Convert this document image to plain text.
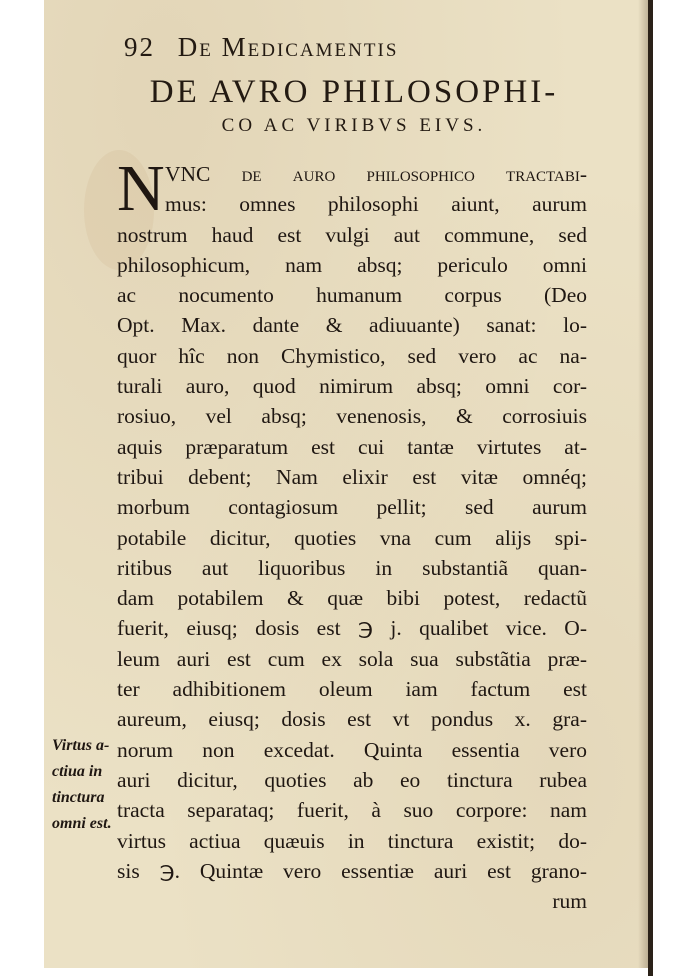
92 De Medicamentis
DE AVRO PHILOSOPHI-
CO AC VIRIBVS EIVS.
N VNC de auro philosophico tractabi-
mus: omnes philosophi aiunt, aurum
nostrum haud est vulgi aut commune, sed
philosophicum, nam absq; periculo omni
ac nocumento humanum corpus (Deo
Opt. Max. dante & adiuuante) sanat: lo-
quor hîc non Chymistico, sed vero ac na-
turali auro, quod nimirum absq; omni cor-
rosiuo, vel absq; venenosis, & corrosiuis
aquis præparatum est cui tantæ virtutes at-
tribui debent; Nam elixir est vitæ omnéq;
morbum contagiosum pellit; sed aurum
potabile dicitur, quoties vna cum alijs spi-
ritibus aut liquoribus in substantiã quan-
dam potabilem & quæ bibi potest, redactũ
fuerit, eiusq; dosis est ℈ j. qualibet vice. O-
leum auri est cum ex sola sua substãtia præ-
ter adhibitionem oleum iam factum est
aureum, eiusq; dosis est vt pondus x. gra-
norum non excedat. Quinta essentia vero
auri dicitur, quoties ab eo tinctura rubea
tracta separataq; fuerit, à suo corpore: nam
virtus actiua quæuis in tinctura existit; do-
sis ℈. Quintæ vero essentiæ auri est grano-
rum
Virtus a-
ctiua in
tinctura
omni est.
